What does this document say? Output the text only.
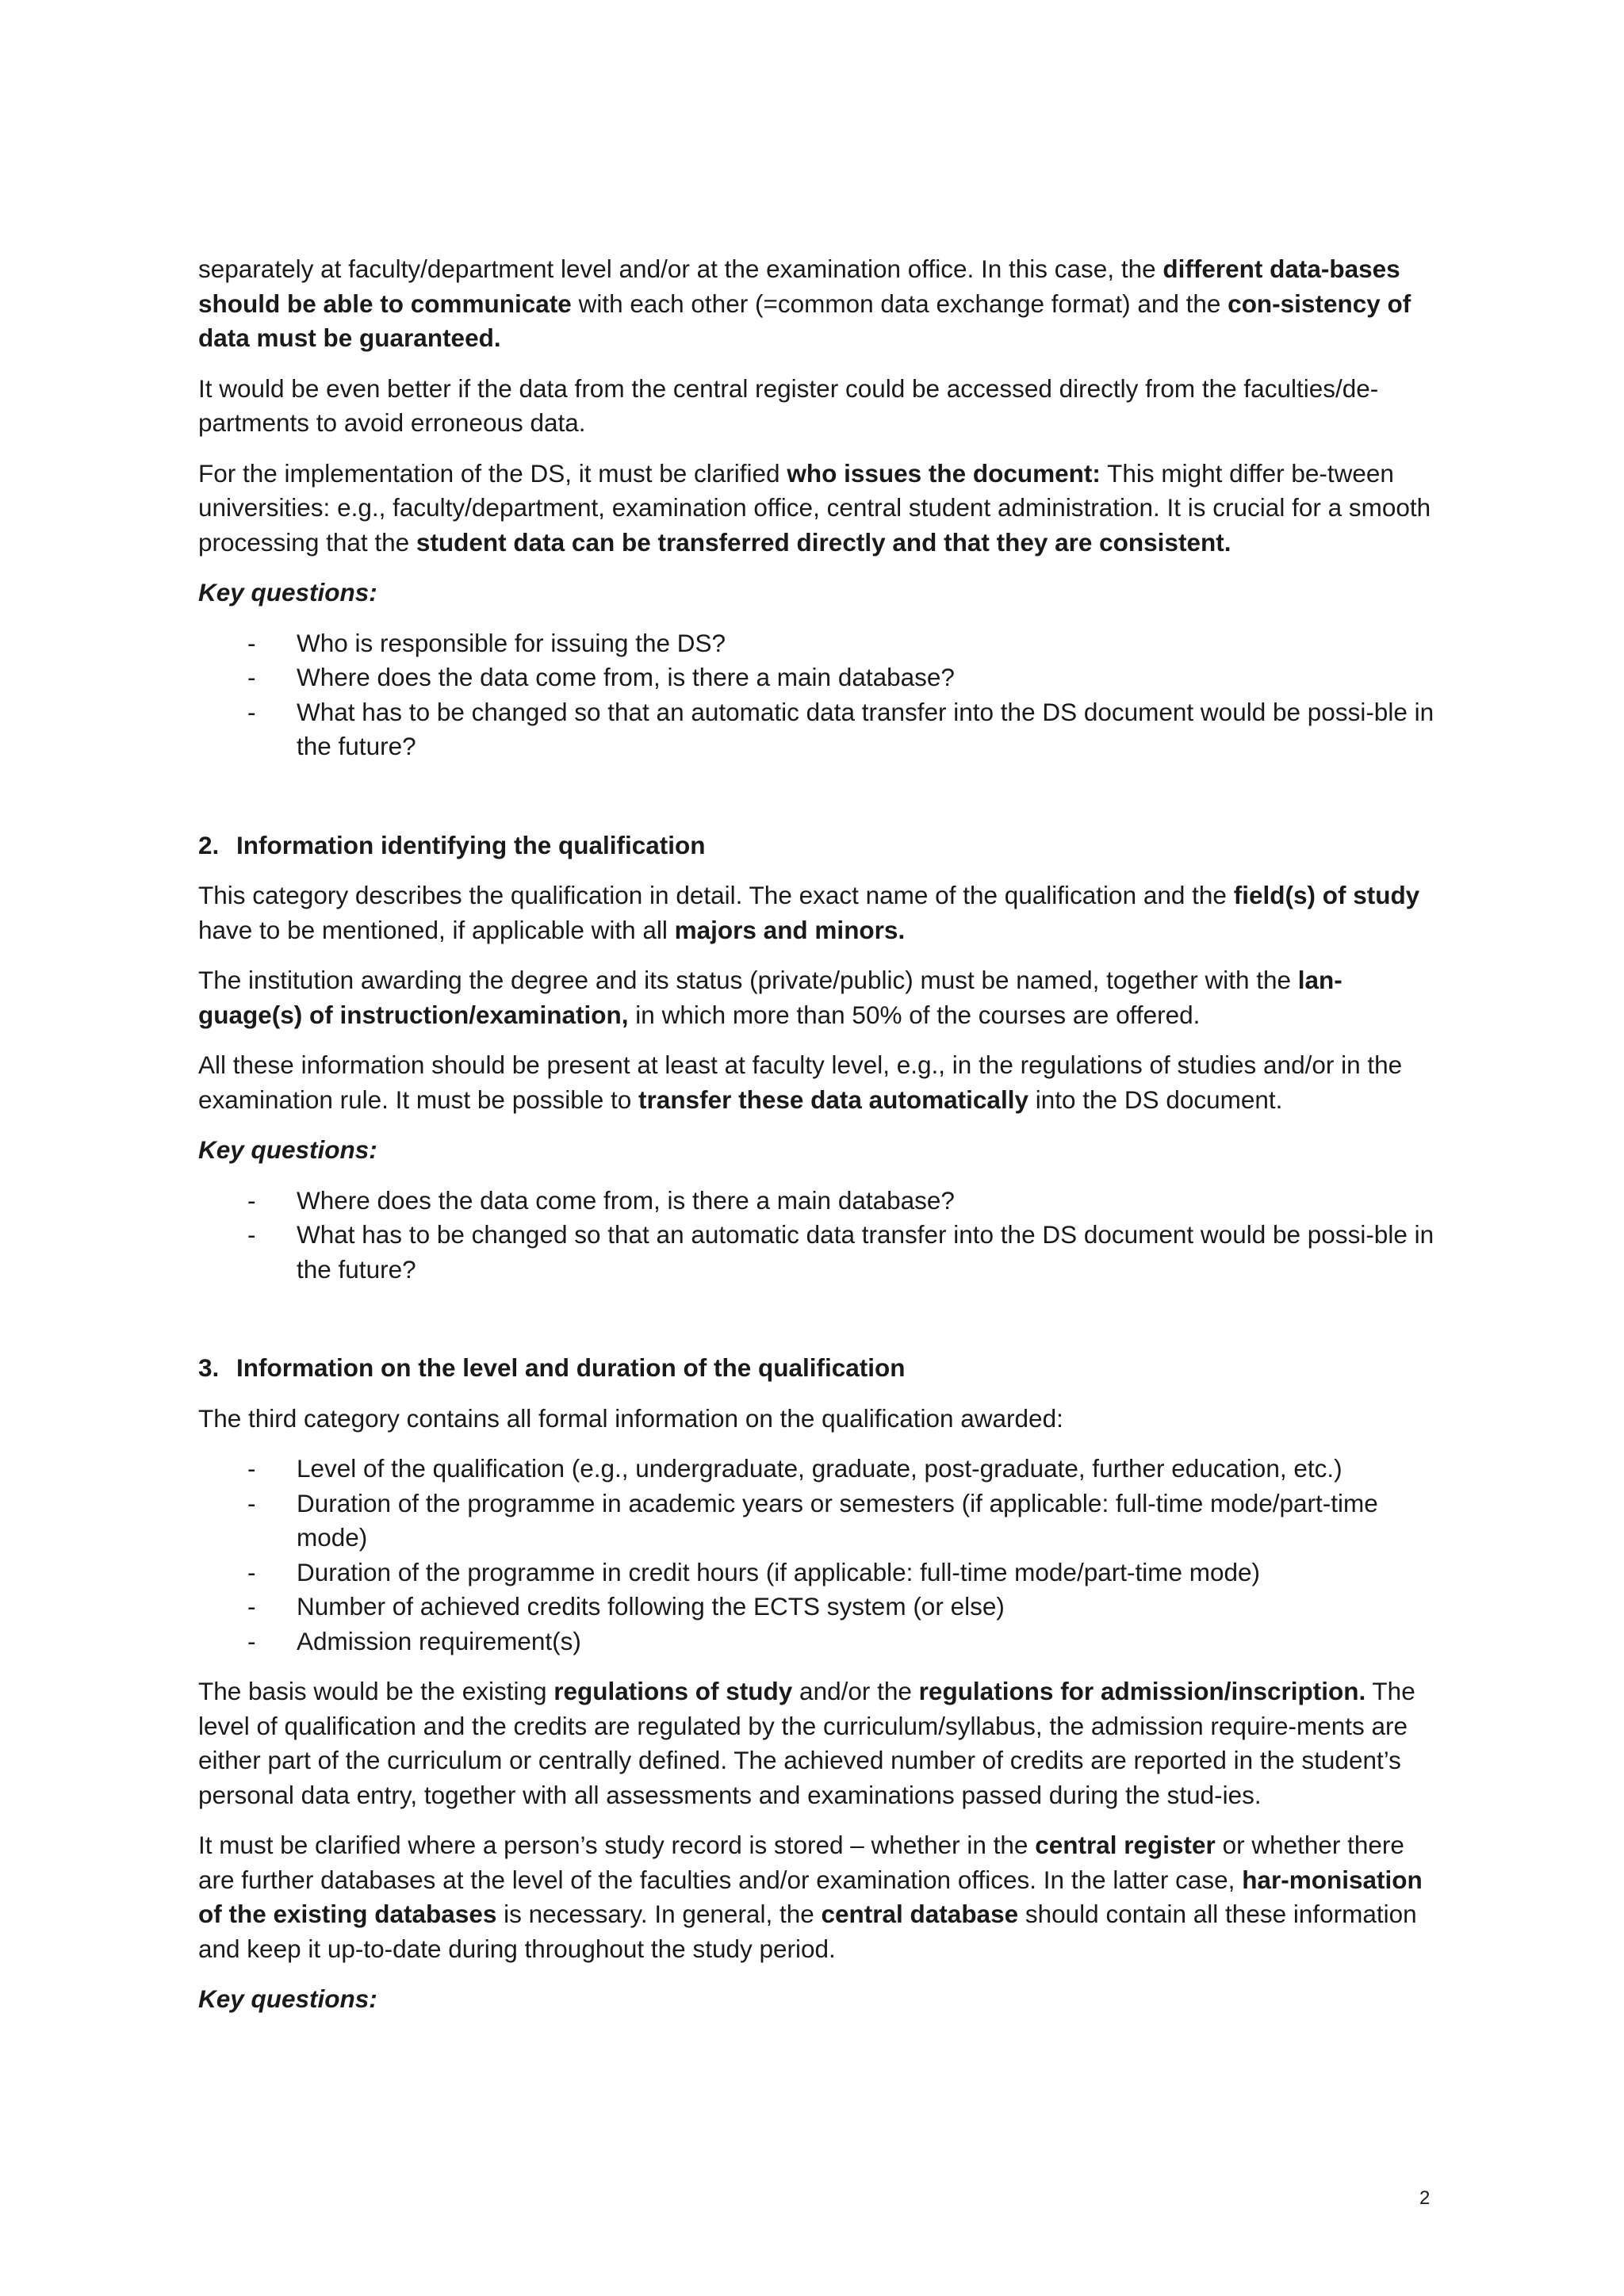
separately at faculty/department level and/or at the examination office. In this case, the different data-bases should be able to communicate with each other (=common data exchange format) and the con-sistency of data must be guaranteed.

It would be even better if the data from the central register could be accessed directly from the faculties/de-partments to avoid erroneous data.

For the implementation of the DS, it must be clarified who issues the document: This might differ be-tween universities: e.g., faculty/department, examination office, central student administration. It is crucial for a smooth processing that the student data can be transferred directly and that they are consistent.

Key questions:

- Who is responsible for issuing the DS?
- Where does the data come from, is there a main database?
- What has to be changed so that an automatic data transfer into the DS document would be possi-ble in the future?
2. Information identifying the qualification

This category describes the qualification in detail. The exact name of the qualification and the field(s) of study have to be mentioned, if applicable with all majors and minors.

The institution awarding the degree and its status (private/public) must be named, together with the lan-guage(s) of instruction/examination, in which more than 50% of the courses are offered.

All these information should be present at least at faculty level, e.g., in the regulations of studies and/or in the examination rule. It must be possible to transfer these data automatically into the DS document.

Key questions:

- Where does the data come from, is there a main database?
- What has to be changed so that an automatic data transfer into the DS document would be possi-ble in the future?
3. Information on the level and duration of the qualification

The third category contains all formal information on the qualification awarded:

- Level of the qualification (e.g., undergraduate, graduate, post-graduate, further education, etc.)
- Duration of the programme in academic years or semesters (if applicable: full-time mode/part-time mode)
- Duration of the programme in credit hours (if applicable: full-time mode/part-time mode)
- Number of achieved credits following the ECTS system (or else)
- Admission requirement(s)

The basis would be the existing regulations of study and/or the regulations for admission/inscription. The level of qualification and the credits are regulated by the curriculum/syllabus, the admission require-ments are either part of the curriculum or centrally defined. The achieved number of credits are reported in the student’s personal data entry, together with all assessments and examinations passed during the stud-ies.

It must be clarified where a person’s study record is stored – whether in the central register or whether there are further databases at the level of the faculties and/or examination offices. In the latter case, har-monisation of the existing databases is necessary. In general, the central database should contain all these information and keep it up-to-date during throughout the study period.

Key questions:

2
